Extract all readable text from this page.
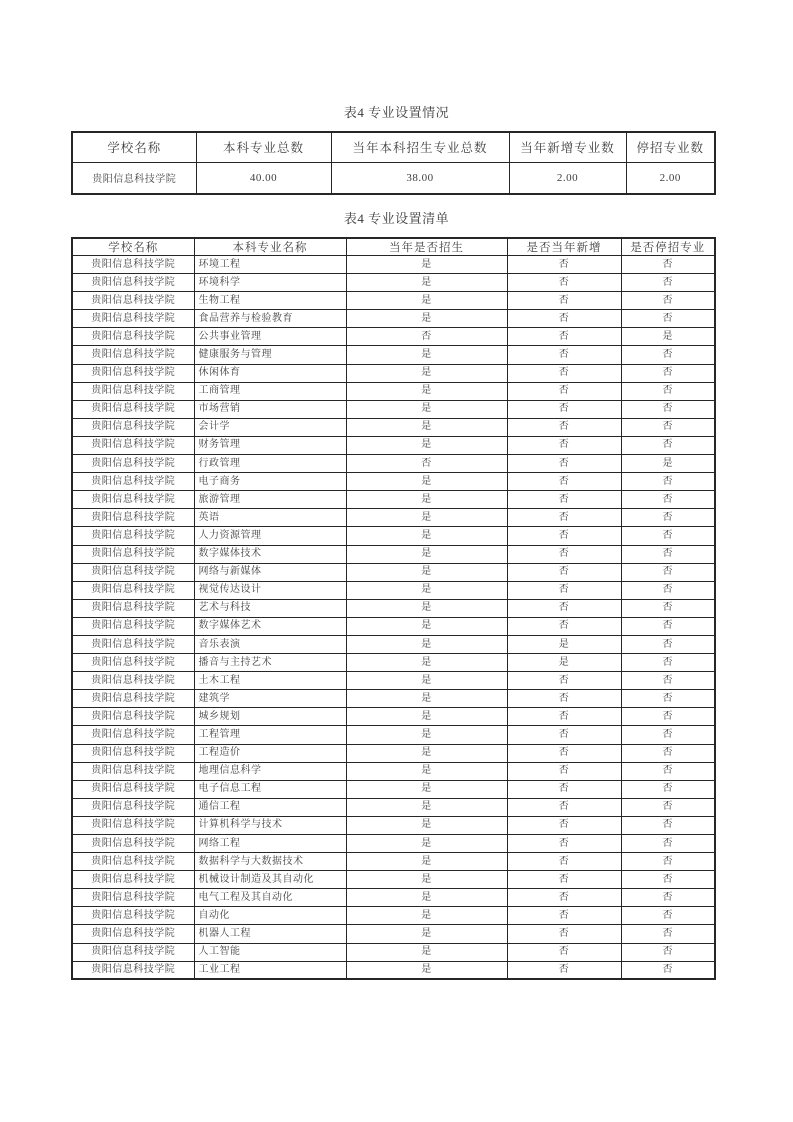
表4 专业设置情况
学校名称	本科专业总数	当年本科招生专业总数	当年新增专业数	停招专业数
贵阳信息科技学院	40.00	38.00	2.00	2.00
表4 专业设置清单
学校名称	本科专业名称	当年是否招生	是否当年新增	是否停招专业
贵阳信息科技学院	环境工程	是	否	否
贵阳信息科技学院	环境科学	是	否	否
贵阳信息科技学院	生物工程	是	否	否
贵阳信息科技学院	食品营养与检验教育	是	否	否
贵阳信息科技学院	公共事业管理	否	否	是
贵阳信息科技学院	健康服务与管理	是	否	否
贵阳信息科技学院	休闲体育	是	否	否
贵阳信息科技学院	工商管理	是	否	否
贵阳信息科技学院	市场营销	是	否	否
贵阳信息科技学院	会计学	是	否	否
贵阳信息科技学院	财务管理	是	否	否
贵阳信息科技学院	行政管理	否	否	是
贵阳信息科技学院	电子商务	是	否	否
贵阳信息科技学院	旅游管理	是	否	否
贵阳信息科技学院	英语	是	否	否
贵阳信息科技学院	人力资源管理	是	否	否
贵阳信息科技学院	数字媒体技术	是	否	否
贵阳信息科技学院	网络与新媒体	是	否	否
贵阳信息科技学院	视觉传达设计	是	否	否
贵阳信息科技学院	艺术与科技	是	否	否
贵阳信息科技学院	数字媒体艺术	是	否	否
贵阳信息科技学院	音乐表演	是	是	否
贵阳信息科技学院	播音与主持艺术	是	是	否
贵阳信息科技学院	土木工程	是	否	否
贵阳信息科技学院	建筑学	是	否	否
贵阳信息科技学院	城乡规划	是	否	否
贵阳信息科技学院	工程管理	是	否	否
贵阳信息科技学院	工程造价	是	否	否
贵阳信息科技学院	地理信息科学	是	否	否
贵阳信息科技学院	电子信息工程	是	否	否
贵阳信息科技学院	通信工程	是	否	否
贵阳信息科技学院	计算机科学与技术	是	否	否
贵阳信息科技学院	网络工程	是	否	否
贵阳信息科技学院	数据科学与大数据技术	是	否	否
贵阳信息科技学院	机械设计制造及其自动化	是	否	否
贵阳信息科技学院	电气工程及其自动化	是	否	否
贵阳信息科技学院	自动化	是	否	否
贵阳信息科技学院	机器人工程	是	否	否
贵阳信息科技学院	人工智能	是	否	否
贵阳信息科技学院	工业工程	是	否	否
